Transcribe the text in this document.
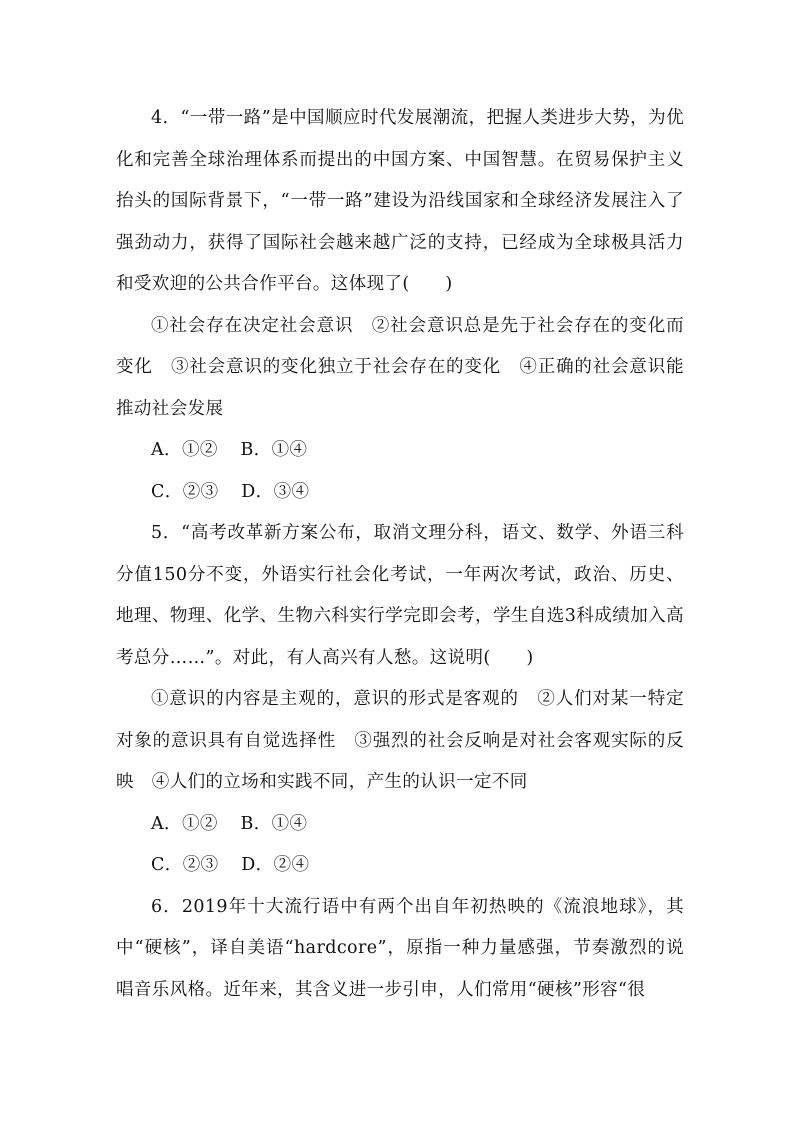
4．“一带一路”是中国顺应时代发展潮流，把握人类进步大势，为优化和完善全球治理体系而提出的中国方案、中国智慧。在贸易保护主义抬头的国际背景下，“一带一路”建设为沿线国家和全球经济发展注入了强劲动力，获得了国际社会越来越广泛的支持，已经成为全球极具活力和受欢迎的公共合作平台。这体现了(　　)

①社会存在决定社会意识　②社会意识总是先于社会存在的变化而变化　③社会意识的变化独立于社会存在的变化　④正确的社会意识能推动社会发展

A．①② B．①④

C．②③ D．③④

5．“高考改革新方案公布，取消文理分科，语文、数学、外语三科分值150分不变，外语实行社会化考试，一年两次考试，政治、历史、地理、物理、化学、生物六科实行学完即会考，学生自选3科成绩加入高考总分……”。对此，有人高兴有人愁。这说明(　　)

①意识的内容是主观的，意识的形式是客观的　②人们对某一特定对象的意识具有自觉选择性　③强烈的社会反响是对社会客观实际的反映　④人们的立场和实践不同，产生的认识一定不同

A．①② B．①④

C．②③ D．②④

6．2019年十大流行语中有两个出自年初热映的《流浪地球》，其中“硬核”，译自美语“hardcore”，原指一种力量感强，节奏激烈的说唱音乐风格。近年来，其含义进一步引申，人们常用“硬核”形容“很
